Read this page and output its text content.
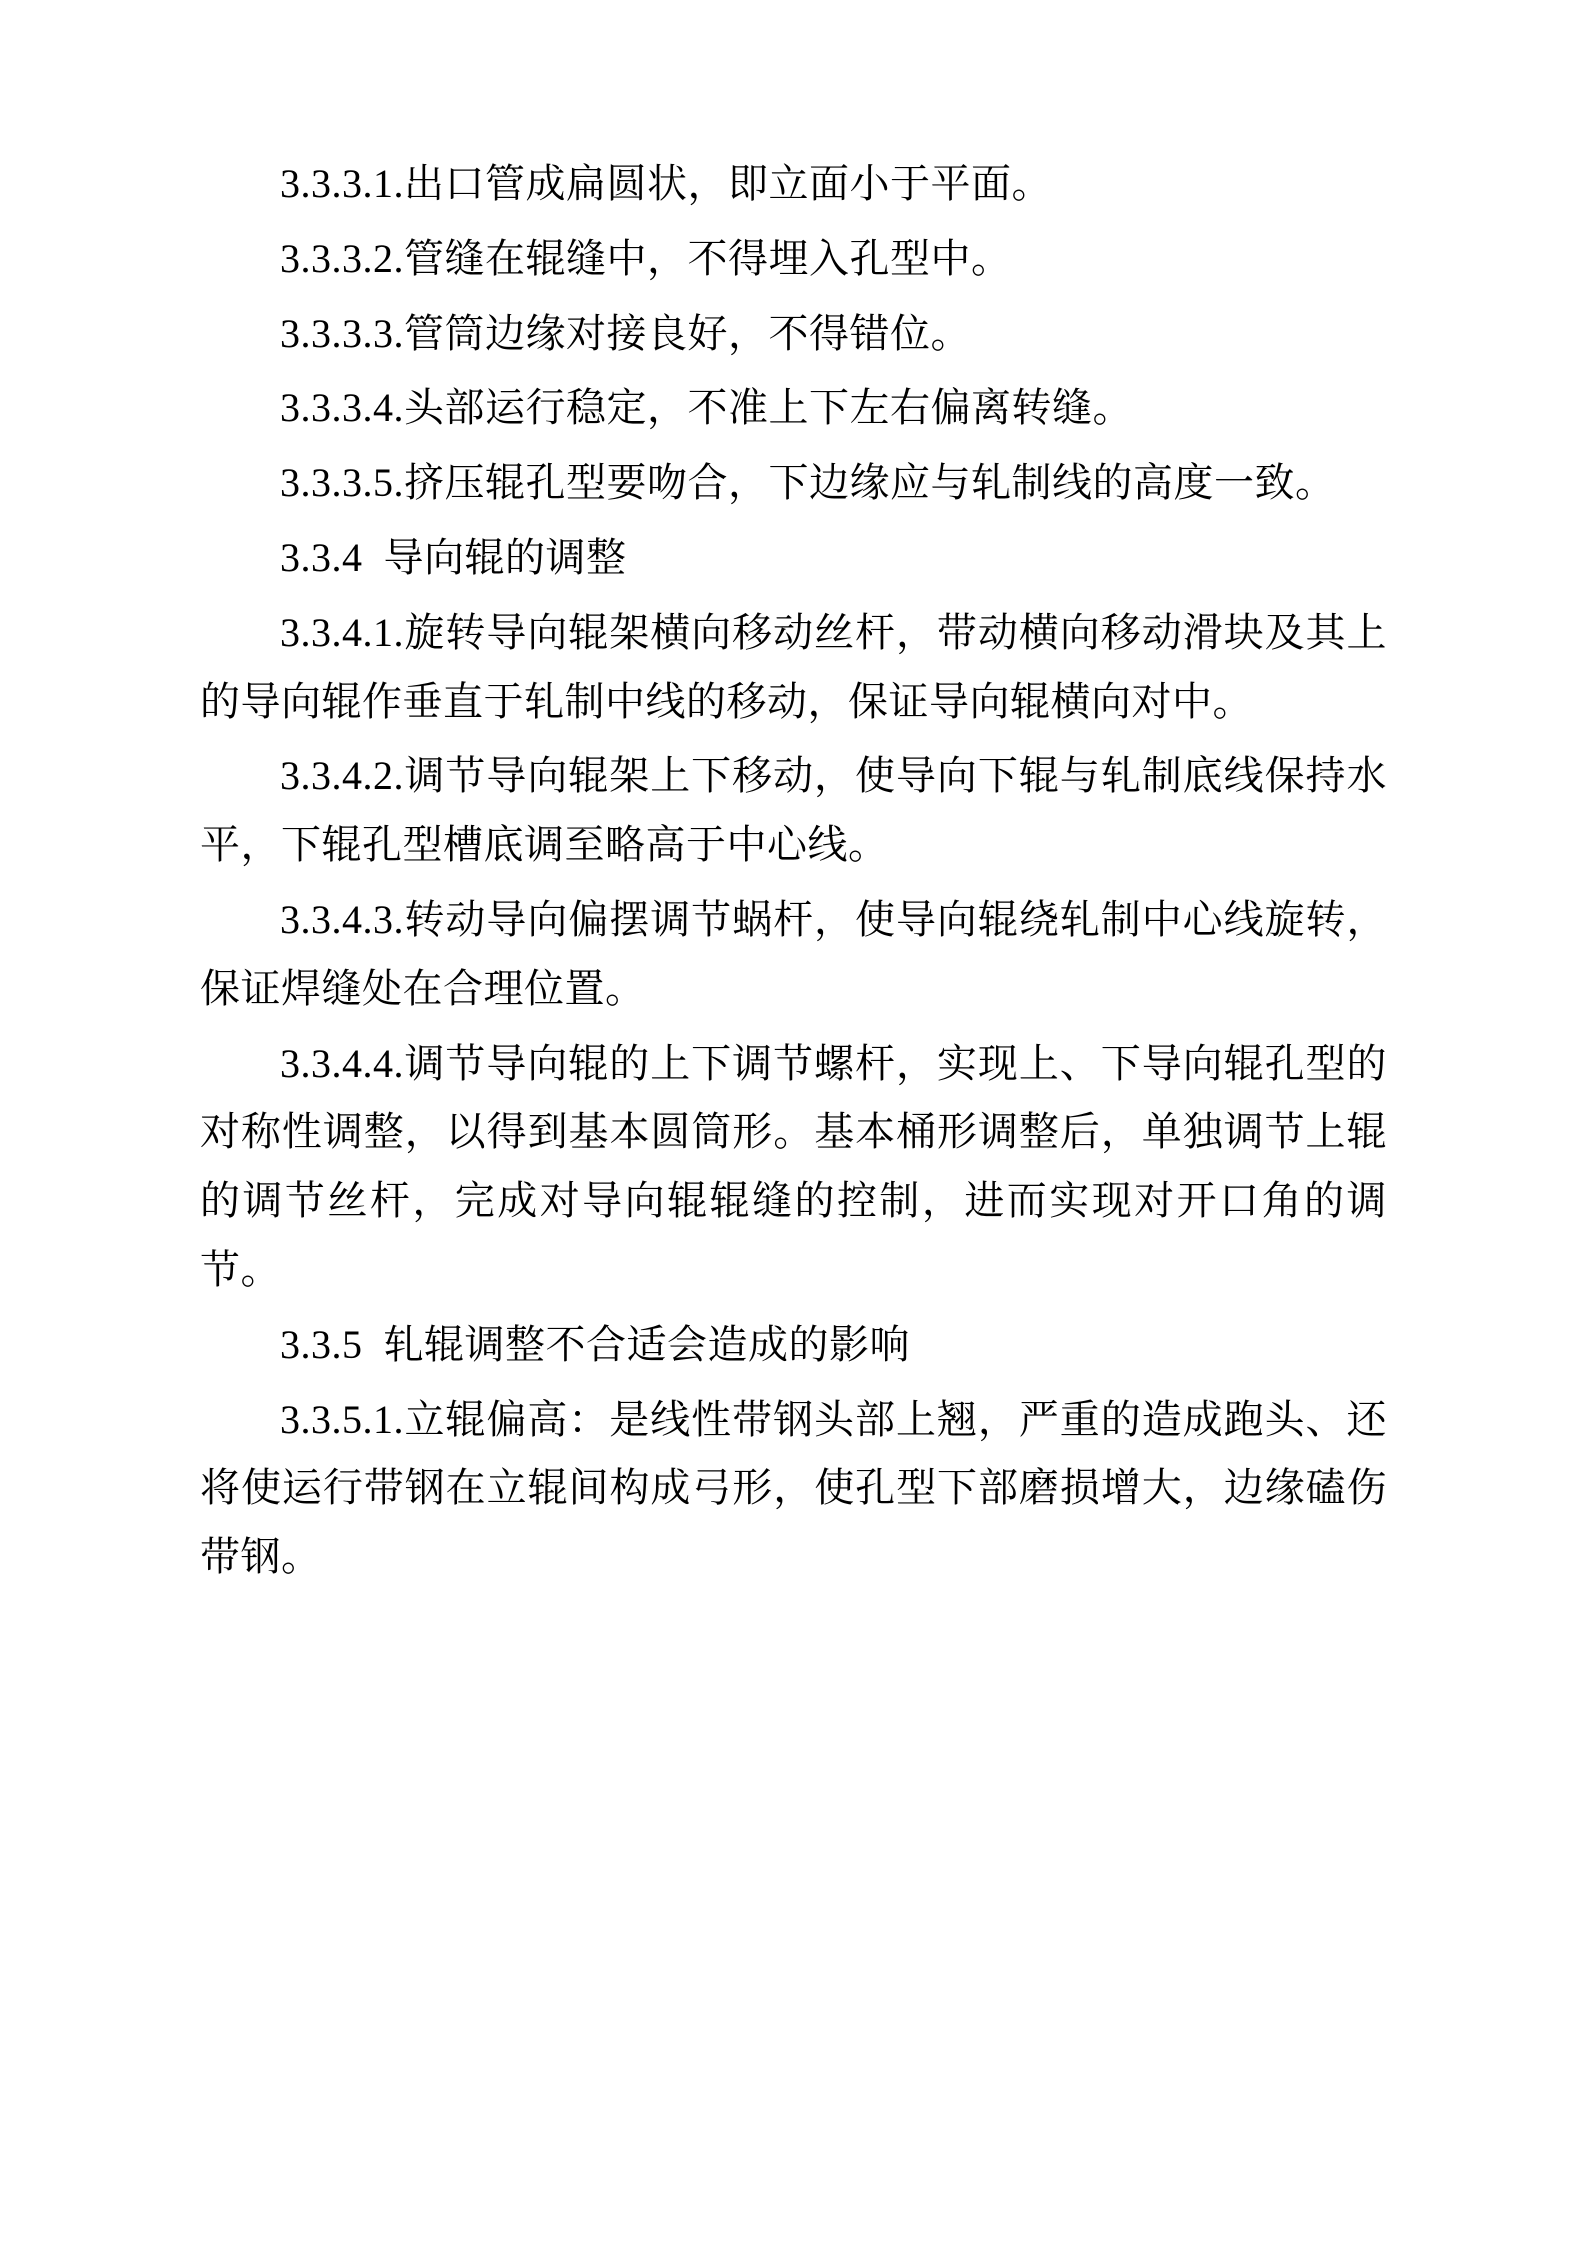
3.3.3.1.出口管成扁圆状，即立面小于平面。

3.3.3.2.管缝在辊缝中，不得埋入孔型中。

3.3.3.3.管筒边缘对接良好，不得错位。

3.3.3.4.头部运行稳定，不准上下左右偏离转缝。

3.3.3.5.挤压辊孔型要吻合，下边缘应与轧制线的高度一致。

3.3.4  导向辊的调整

3.3.4.1.旋转导向辊架横向移动丝杆，带动横向移动滑块及其上的导向辊作垂直于轧制中线的移动，保证导向辊横向对中。

3.3.4.2.调节导向辊架上下移动，使导向下辊与轧制底线保持水平，下辊孔型槽底调至略高于中心线。

3.3.4.3.转动导向偏摆调节蜗杆，使导向辊绕轧制中心线旋转，保证焊缝处在合理位置。

3.3.4.4.调节导向辊的上下调节螺杆，实现上、下导向辊孔型的对称性调整，以得到基本圆筒形。基本桶形调整后，单独调节上辊的调节丝杆，完成对导向辊辊缝的控制，进而实现对开口角的调节。

3.3.5  轧辊调整不合适会造成的影响

3.3.5.1.立辊偏高：是线性带钢头部上翘，严重的造成跑头、还将使运行带钢在立辊间构成弓形，使孔型下部磨损增大，边缘磕伤带钢。
